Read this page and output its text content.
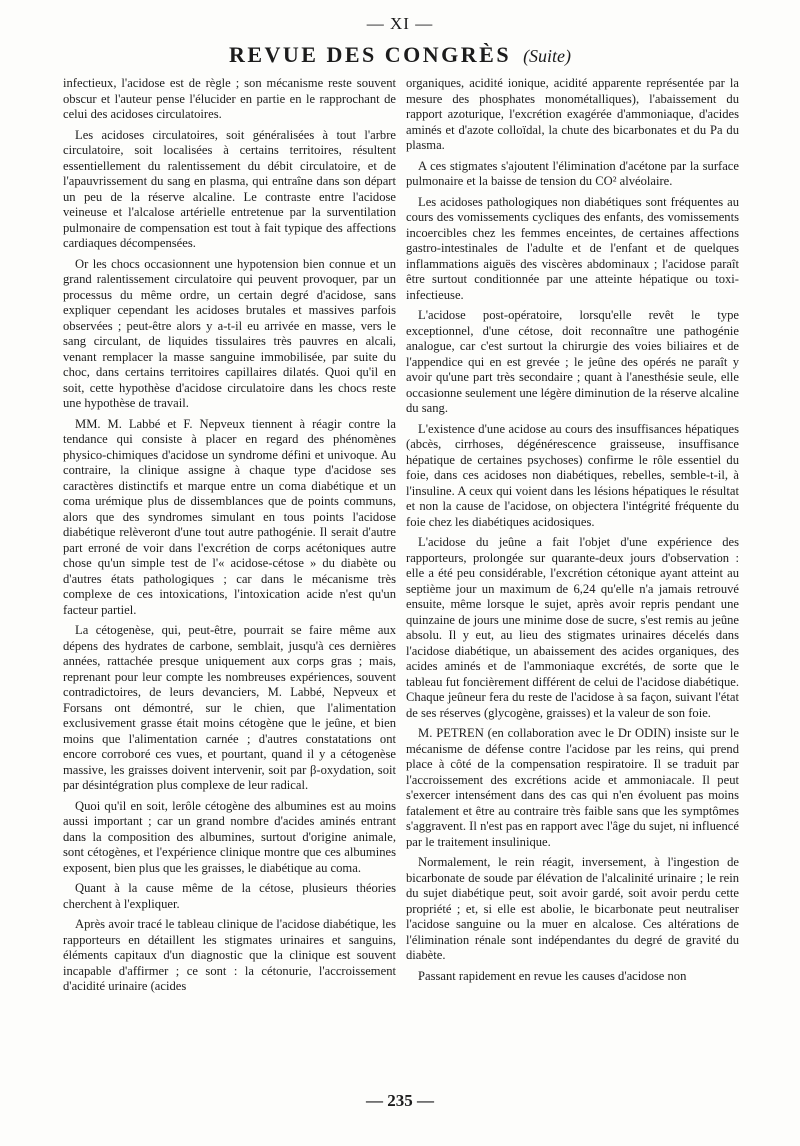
— XI —
REVUE DES CONGRÈS (Suite)

infectieux, l'acidose est de règle ; son mécanisme reste souvent obscur et l'auteur pense l'élucider en partie en le rapprochant de celui des acidoses circulatoires.

Les acidoses circulatoires, soit généralisées à tout l'arbre circulatoire, soit localisées à certains territoires, résultent essentiellement du ralentissement du débit circulatoire, et de l'apauvrissement du sang en plasma, qui entraîne dans son départ un peu de la réserve alcaline. Le contraste entre l'acidose veineuse et l'alcalose artérielle entretenue par la surventilation pulmonaire de compensation est tout à fait typique des affections cardiaques décompensées.

Or les chocs occasionnent une hypotension bien connue et un grand ralentissement circulatoire qui peuvent provoquer, par un processus du même ordre, un certain degré d'acidose, sans expliquer cependant les acidoses brutales et massives parfois observées ; peut-être alors y a-t-il eu arrivée en masse, vers le sang circulant, de liquides tissulaires très pauvres en alcali, venant remplacer la masse sanguine immobilisée, par suite du choc, dans certains territoires capillaires dilatés. Quoi qu'il en soit, cette hypothèse d'acidose circulatoire dans les chocs reste une hypothèse de travail.

MM. M. Labbé et F. Nepveux tiennent à réagir contre la tendance qui consiste à placer en regard des phénomènes physico-chimiques d'acidose un syndrome défini et univoque. Au contraire, la clinique assigne à chaque type d'acidose ses caractères distinctifs et marque entre un coma diabétique et un coma urémique plus de dissemblances que de points communs, alors que des syndromes simulant en tous points l'acidose diabétique relèveront d'une tout autre pathogénie. Il serait d'autre part erroné de voir dans l'excrétion de corps acétoniques autre chose qu'un simple test de l'« acidose-cétose » du diabète ou d'autres états pathologiques ; car dans le mécanisme très complexe de ces intoxications, l'intoxication acide n'est qu'un facteur partiel.

La cétogenèse, qui, peut-être, pourrait se faire même aux dépens des hydrates de carbone, semblait, jusqu'à ces dernières années, rattachée presque uniquement aux corps gras ; mais, reprenant pour leur compte les nombreuses expériences, souvent contradictoires, de leurs devanciers, M. Labbé, Nepveux et Forsans ont démontré, sur le chien, que l'alimentation exclusivement grasse était moins cétogène que le jeûne, et bien moins que l'alimentation carnée ; d'autres constatations ont encore corroboré ces vues, et pourtant, quand il y a cétogenèse massive, les graisses doivent intervenir, soit par β-oxydation, soit par désintégration plus complexe de leur radical.

Quoi qu'il en soit, lerôle cétogène des albumines est au moins aussi important ; car un grand nombre d'acides aminés entrant dans la composition des albumines, surtout d'origine animale, sont cétogènes, et l'expérience clinique montre que ces albumines exposent, bien plus que les graisses, le diabétique au coma.

Quant à la cause même de la cétose, plusieurs théories cherchent à l'expliquer.

Après avoir tracé le tableau clinique de l'acidose diabétique, les rapporteurs en détaillent les stigmates urinaires et sanguins, éléments capitaux d'un diagnostic que la clinique est souvent incapable d'affirmer ; ce sont : la cétonurie, l'accroissement d'acidité urinaire (acides

organiques, acidité ionique, acidité apparente représentée par la mesure des phosphates monométalliques), l'abaissement du rapport azoturique, l'excrétion exagérée d'ammoniaque, d'acides aminés et d'azote colloïdal, la chute des bicarbonates et du Pa du plasma.

A ces stigmates s'ajoutent l'élimination d'acétone par la surface pulmonaire et la baisse de tension du CO² alvéolaire.

Les acidoses pathologiques non diabétiques sont fréquentes au cours des vomissements cycliques des enfants, des vomissements incoercibles chez les femmes enceintes, de certaines affections gastro-intestinales de l'adulte et de l'enfant et de quelques inflammations aiguës des viscères abdominaux ; l'acidose paraît être surtout conditionnée par une atteinte hépatique ou toxi-infectieuse.

L'acidose post-opératoire, lorsqu'elle revêt le type exceptionnel, d'une cétose, doit reconnaître une pathogénie analogue, car c'est surtout la chirurgie des voies biliaires et de l'appendice qui en est grevée ; le jeûne des opérés ne paraît y avoir qu'une part très secondaire ; quant à l'anesthésie seule, elle occasionne seulement une légère diminution de la réserve alcaline du sang.

L'existence d'une acidose au cours des insuffisances hépatiques (abcès, cirrhoses, dégénérescence graisseuse, insuffisance hépatique de certaines psychoses) confirme le rôle essentiel du foie, dans ces acidoses non diabétiques, rebelles, semble-t-il, à l'insuline. A ceux qui voient dans les lésions hépatiques le résultat et non la cause de l'acidose, on objectera l'intégrité fréquente du foie chez les diabétiques acidosiques.

L'acidose du jeûne a fait l'objet d'une expérience des rapporteurs, prolongée sur quarante-deux jours d'observation : elle a été peu considérable, l'excrétion cétonique ayant atteint au septième jour un maximum de 6,24 qu'elle n'a jamais retrouvé ensuite, même lorsque le sujet, après avoir repris pendant une quinzaine de jours une minime dose de sucre, s'est remis au jeûne absolu. Il y eut, au lieu des stigmates urinaires décelés dans l'acidose diabétique, un abaissement des acides organiques, des acides aminés et de l'ammoniaque excrétés, de sorte que le tableau fut foncièrement différent de celui de l'acidose diabétique. Chaque jeûneur fera du reste de l'acidose à sa façon, suivant l'état de ses réserves (glycogène, graisses) et la valeur de son foie.

M. PETREN (en collaboration avec le Dr ODIN) insiste sur le mécanisme de défense contre l'acidose par les reins, qui prend place à côté de la compensation respiratoire. Il se traduit par l'accroissement des excrétions acide et ammoniacale. Il peut s'exercer intensément dans des cas qui n'en évoluent pas moins fatalement et être au contraire très faible sans que les symptômes s'aggravent. Il n'est pas en rapport avec l'âge du sujet, ni influencé par le traitement insulinique.

Normalement, le rein réagit, inversement, à l'ingestion de bicarbonate de soude par élévation de l'alcalinité urinaire ; le rein du sujet diabétique peut, soit avoir gardé, soit avoir perdu cette propriété ; et, si elle est abolie, le bicarbonate peut neutraliser l'acidose sanguine ou la muer en alcalose. Ces altérations de l'élimination rénale sont indépendantes du degré de gravité du diabète.

Passant rapidement en revue les causes d'acidose non

— 235 —
